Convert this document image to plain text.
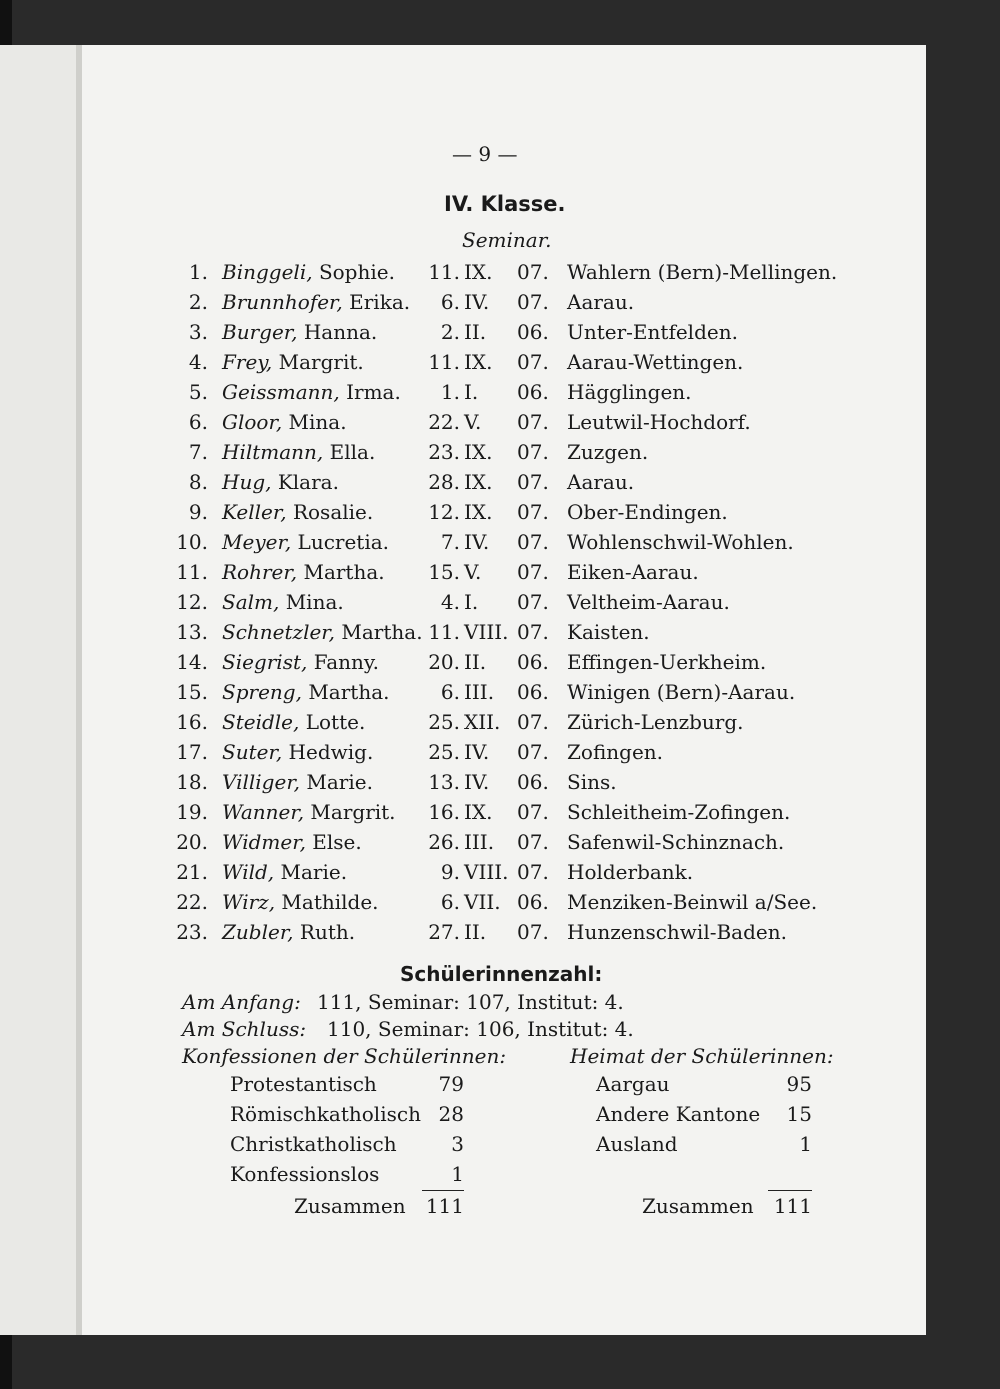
— 9 —
IV. Klasse.
Seminar.
1. Binggeli, Sophie.	11. IX. 07. Wahlern (Bern)-Mellingen.
2. Brunnhofer, Erika.	6. IV. 07. Aarau.
3. Burger, Hanna.	2. II. 06. Unter-Entfelden.
4. Frey, Margrit.	11. IX. 07. Aarau-Wettingen.
5. Geissmann, Irma.	1. I. 06. Hägglingen.
6. Gloor, Mina.	22. V. 07. Leutwil-Hochdorf.
7. Hiltmann, Ella.	23. IX. 07. Zuzgen.
8. Hug, Klara.	28. IX. 07. Aarau.
9. Keller, Rosalie.	12. IX. 07. Ober-Endingen.
10. Meyer, Lucretia.	7. IV. 07. Wohlenschwil-Wohlen.
11. Rohrer, Martha.	15. V. 07. Eiken-Aarau.
12. Salm, Mina.	4. I. 07. Veltheim-Aarau.
13. Schnetzler, Martha. 11. VIII. 07. Kaisten.
14. Siegrist, Fanny.	20. II. 06. Effingen-Uerkheim.
15. Spreng, Martha.	6. III. 06. Winigen (Bern)-Aarau.
16. Steidle, Lotte.	25. XII. 07. Zürich-Lenzburg.
17. Suter, Hedwig.	25. IV. 07. Zofingen.
18. Villiger, Marie.	13. IV. 06. Sins.
19. Wanner, Margrit.	16. IX. 07. Schleitheim-Zofingen.
20. Widmer, Else.	26. III. 07. Safenwil-Schinznach.
21. Wild, Marie.	9. VIII. 07. Holderbank.
22. Wirz, Mathilde.	6. VII. 06. Menziken-Beinwil a/See.
23. Zubler, Ruth.	27. II. 07. Hunzenschwil-Baden.
Schülerinnenzahl:
Am Anfang: 111, Seminar: 107, Institut: 4.
Am Schluss: 110, Seminar: 106, Institut: 4.
Konfessionen der Schülerinnen:	Heimat der Schülerinnen:
Protestantisch	79
Römischkatholisch 28
Christkatholisch	3
Konfessionslos	1
Aargau	95
Andere Kantone	15
Ausland	1
Zusammen	111	Zusammen	111
